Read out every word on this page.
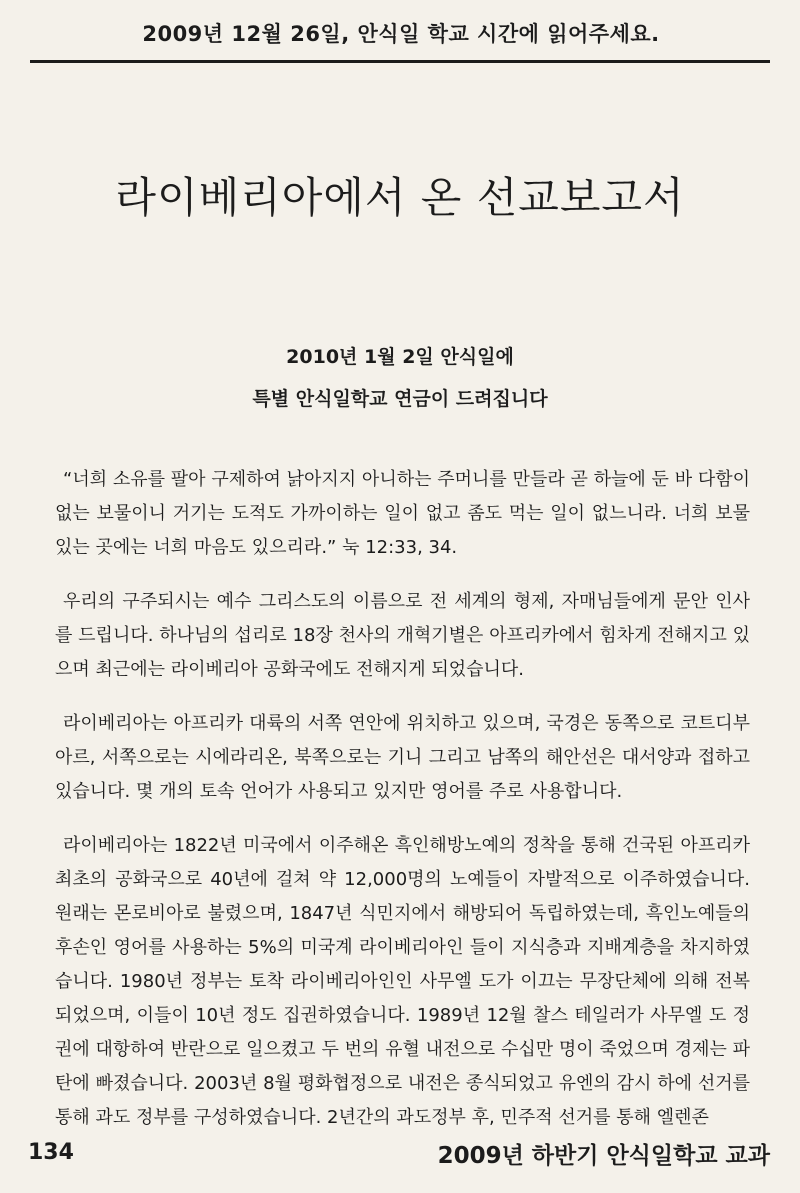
2009년 12월 26일, 안식일 학교 시간에 읽어주세요.
라이베리아에서 온 선교보고서
2010년 1월 2일 안식일에
특별 안식일학교 연금이 드려집니다

“너희 소유를 팔아 구제하여 낡아지지 아니하는 주머니를 만들라 곧 하늘에 둔 바 다함이 없는 보물이니 거기는 도적도 가까이하는 일이 없고 좀도 먹는 일이 없느니라. 너희 보물 있는 곳에는 너희 마음도 있으리라.” 눅 12:33, 34.

우리의 구주되시는 예수 그리스도의 이름으로 전 세계의 형제, 자매님들에게 문안 인사를 드립니다. 하나님의 섭리로 18장 천사의 개혁기별은 아프리카에서 힘차게 전해지고 있으며 최근에는 라이베리아 공화국에도 전해지게 되었습니다.

라이베리아는 아프리카 대륙의 서쪽 연안에 위치하고 있으며, 국경은 동쪽으로 코트디부아르, 서쪽으로는 시에라리온, 북쪽으로는 기니 그리고 남쪽의 해안선은 대서양과 접하고 있습니다. 몇 개의 토속 언어가 사용되고 있지만 영어를 주로 사용합니다.

라이베리아는 1822년 미국에서 이주해온 흑인해방노예의 정착을 통해 건국된 아프리카 최초의 공화국으로 40년에 걸쳐 약 12,000명의 노예들이 자발적으로 이주하였습니다. 원래는 몬로비아로 불렸으며, 1847년 식민지에서 해방되어 독립하였는데, 흑인노예들의 후손인 영어를 사용하는 5%의 미국계 라이베리아인 들이 지식층과 지배계층을 차지하였습니다. 1980년 정부는 토착 라이베리아인인 사무엘 도가 이끄는 무장단체에 의해 전복되었으며, 이들이 10년 정도 집권하였습니다. 1989년 12월 찰스 테일러가 사무엘 도 정권에 대항하여 반란으로 일으켰고 두 번의 유혈 내전으로 수십만 명이 죽었으며 경제는 파탄에 빠졌습니다. 2003년 8월 평화협정으로 내전은 종식되었고 유엔의 감시 하에 선거를 통해 과도 정부를 구성하였습니다. 2년간의 과도정부 후, 민주적 선거를 통해 엘렌존

134	2009년 하반기 안식일학교 교과
